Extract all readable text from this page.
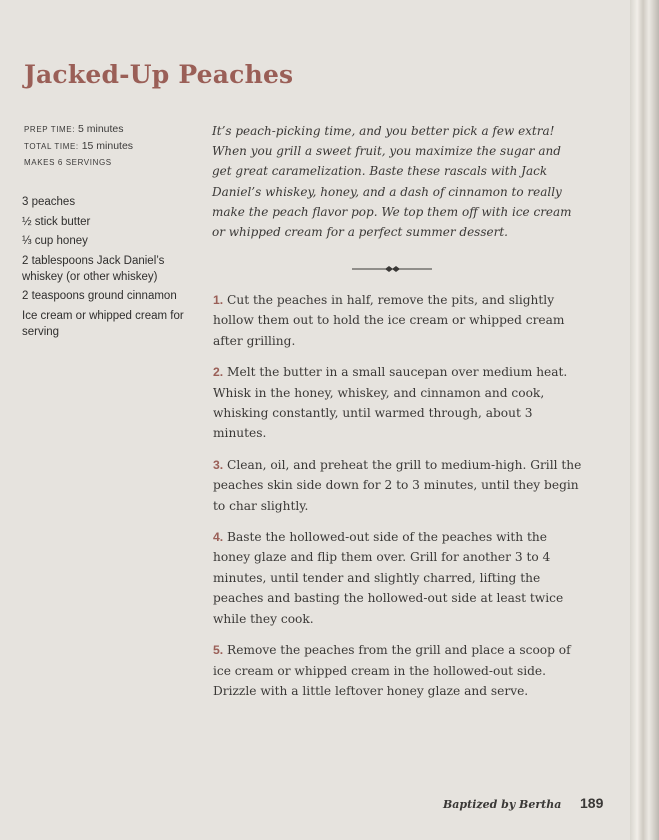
Jacked-Up Peaches
PREP TIME: 5 minutes
TOTAL TIME: 15 minutes
MAKES 6 SERVINGS
3 peaches
½ stick butter
⅓ cup honey
2 tablespoons Jack Daniel’s whiskey (or other whiskey)
2 teaspoons ground cinnamon
Ice cream or whipped cream for serving
It’s peach-picking time, and you better pick a few extra! When you grill a sweet fruit, you maximize the sugar and get great caramelization. Baste these rascals with Jack Daniel’s whiskey, honey, and a dash of cinnamon to really make the peach flavor pop. We top them off with ice cream or whipped cream for a perfect summer dessert.
1. Cut the peaches in half, remove the pits, and slightly hollow them out to hold the ice cream or whipped cream after grilling.
2. Melt the butter in a small saucepan over medium heat. Whisk in the honey, whiskey, and cinnamon and cook, whisking constantly, until warmed through, about 3 minutes.
3. Clean, oil, and preheat the grill to medium-high. Grill the peaches skin side down for 2 to 3 minutes, until they begin to char slightly.
4. Baste the hollowed-out side of the peaches with the honey glaze and flip them over. Grill for another 3 to 4 minutes, until tender and slightly charred, lifting the peaches and basting the hollowed-out side at least twice while they cook.
5. Remove the peaches from the grill and place a scoop of ice cream or whipped cream in the hollowed-out side. Drizzle with a little leftover honey glaze and serve.
Baptized by Bertha 189
